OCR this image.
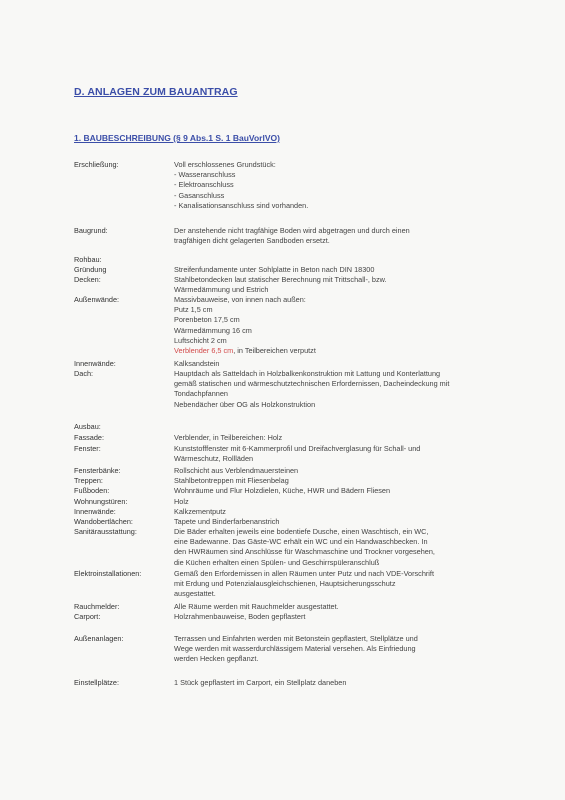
D. ANLAGEN ZUM BAUANTRAG
1. BAUBESCHREIBUNG (§ 9 Abs.1 S. 1 BauVorlVO)
Erschließung:	Voll erschlossenes Grundstück:
- Wasseranschluss
- Elektroanschluss
- Gasanschluss
- Kanalisationsanschluss sind vorhanden.
Baugrund:	Der anstehende nicht tragfähige Boden wird abgetragen und durch einen
tragfähigen dicht gelagerten Sandboden ersetzt.
Rohbau:
Gründung	Streifenfundamente unter Sohlplatte in Beton nach DIN 18300
Decken:	Stahlbetondecken laut statischer Berechnung mit Trittschall-, bzw.
Wärmedämmung und Estrich
Außenwände:	Massivbauweise, von innen nach außen:
Putz 1,5 cm
Porenbeton 17,5 cm
Wärmedämmung 16 cm
Luftschicht 2 cm
Verblender 6,5 cm, in Teilbereichen verputzt
Innenwände:	Kalksandstein
Dach:	Hauptdach als Satteldach in Holzbalkenkonstruktion mit Lattung und Konterlattung
gemäß statischen und wärmeschutztechnischen Erfordernissen, Dacheindeckung mit
Tondachpfannen
Nebendächer über OG als Holzkonstruktion
Ausbau:
Fassade:	Verblender, in Teilbereichen: Holz
Fenster:	Kunststofffenster mit 6-Kammerprofil und Dreifachverglasung für Schall- und
Wärmeschutz, Rollläden
Fensterbänke:	Rollschicht aus Verblendmauersteinen
Treppen:	Stahlbetontreppen mit Fliesenbelag
Fußboden:	Wohnräume und Flur Holzdielen, Küche, HWR und Bädern Fliesen
Wohnungstüren:	Holz
Innenwände:	Kalkzementputz
Wandobertlächen:	Tapete und Binderfarbenanstrich
Sanitärausstattung:	Die Bäder erhalten jeweils eine bodentiefe Dusche, einen Waschtisch, ein WC,
eine Badewanne. Das Gäste-WC erhält ein WC und ein Handwaschbecken. In
den HWRäumen sind Anschlüsse für Waschmaschine und Trockner vorgesehen,
die Küchen erhalten einen Spülen- und Geschirrspüleranschluß
Elektroinstallationen:	Gemäß den Erfordernissen in allen Räumen unter Putz und nach VDE-Vorschrift
mit Erdung und Potenzialausgleichschienen, Hauptsicherungsschutz
ausgestattet.
Rauchmelder:	Alle Räume werden mit Rauchmelder ausgestattet.
Carport:	Holzrahmenbauweise, Boden gepflastert
Außenanlagen:	Terrassen und Einfahrten werden mit Betonstein gepflastert, Stellplätze und
Wege werden mit wasserdurchlässigem Material versehen. Als Einfriedung
werden Hecken gepflanzt.
Einstellplätze:	1 Stück gepflastert im Carport, ein Stellplatz daneben
